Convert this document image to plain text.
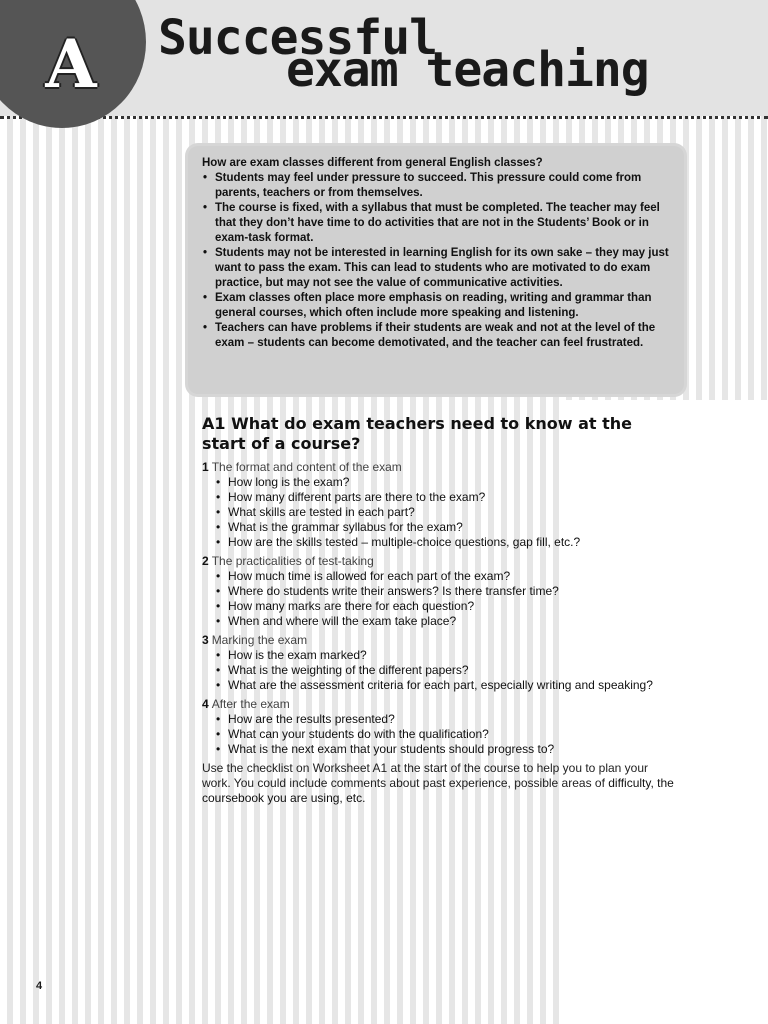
A Successful
exam teaching

How are exam classes different from general English classes?

• Students may feel under pressure to succeed. This pressure could come from parents, teachers or from themselves.
• The course is fixed, with a syllabus that must be completed. The teacher may feel that they don’t have time to do activities that are not in the Students’ Book or in exam-task format.
• Students may not be interested in learning English for its own sake – they may just want to pass the exam. This can lead to students who are motivated to do exam practice, but may not see the value of communicative activities.
• Exam classes often place more emphasis on reading, writing and grammar than general courses, which often include more speaking and listening.
• Teachers can have problems if their students are weak and not at the level of the exam – students can become demotivated, and the teacher can feel frustrated.
A1 What do exam teachers need to know at the start of a course?

1 The format and content of the exam

• How long is the exam?
• How many different parts are there to the exam?
• What skills are tested in each part?
• What is the grammar syllabus for the exam?
• How are the skills tested – multiple-choice questions, gap fill, etc.?

2 The practicalities of test-taking

• How much time is allowed for each part of the exam?
• Where do students write their answers? Is there transfer time?
• How many marks are there for each question?
• When and where will the exam take place?

3 Marking the exam

• How is the exam marked?
• What is the weighting of the different papers?
• What are the assessment criteria for each part, especially writing and speaking?

4 After the exam

• How are the results presented?
• What can your students do with the qualification?
• What is the next exam that your students should progress to?

Use the checklist on Worksheet A1 at the start of the course to help you to plan your work. You could include comments about past experience, possible areas of difficulty, the coursebook you are using, etc.

4
